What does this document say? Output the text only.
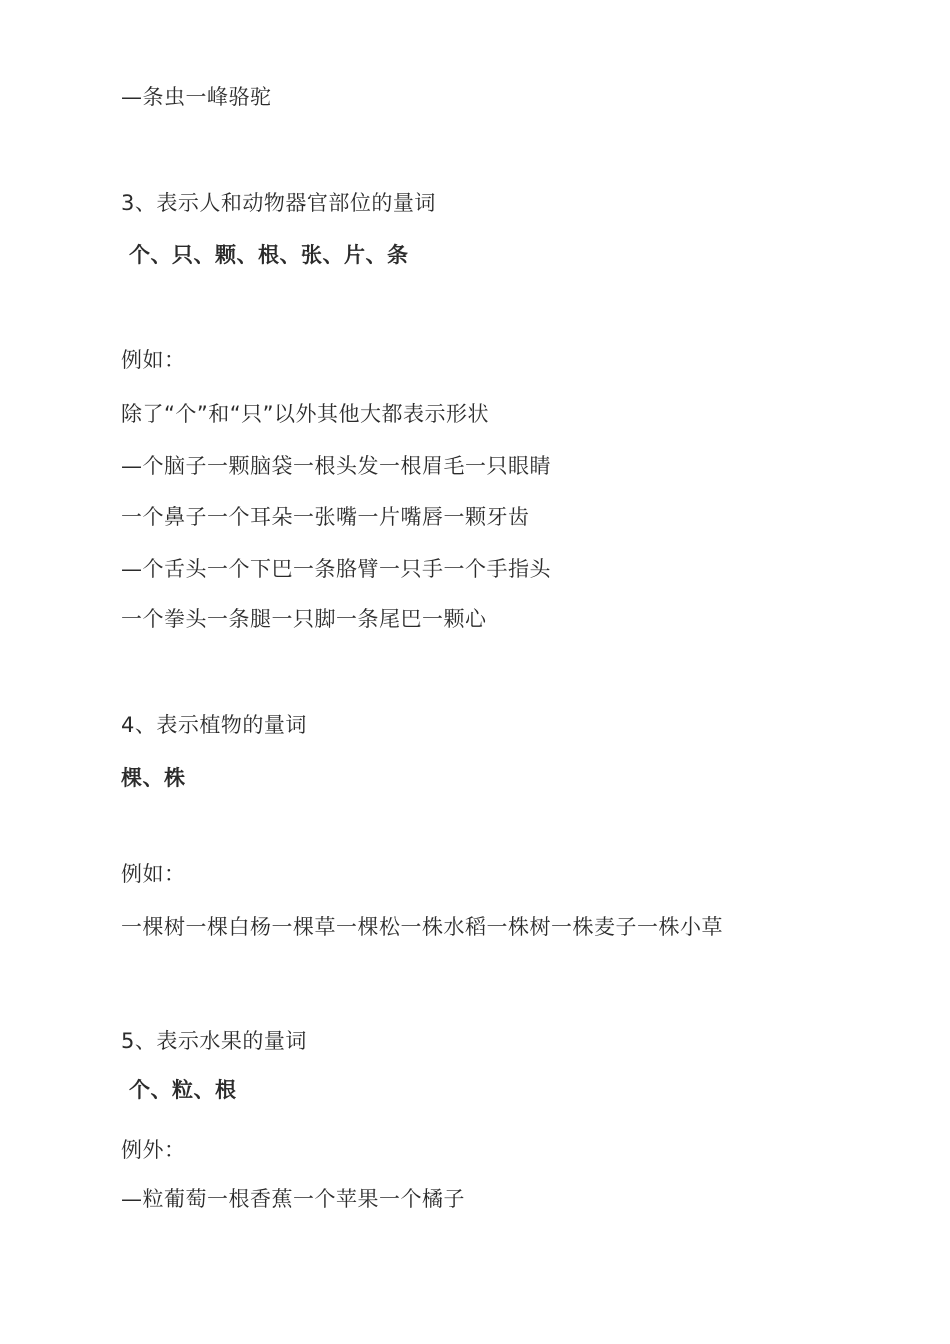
—条虫一峰骆驼
3、表示人和动物器官部位的量词
个、只、颗、根、张、片、条
例如：
除了“个”和“只”以外其他大都表示形状
—个脑子一颗脑袋一根头发一根眉毛一只眼睛
一个鼻子一个耳朵一张嘴一片嘴唇一颗牙齿
—个舌头一个下巴一条胳臂一只手一个手指头
一个拳头一条腿一只脚一条尾巴一颗心
4、表示植物的量词
棵、株
例如：
一棵树一棵白杨一棵草一棵松一株水稻一株树一株麦子一株小草
5、表示水果的量词
个、粒、根
例外：
—粒葡萄一根香蕉一个苹果一个橘子
